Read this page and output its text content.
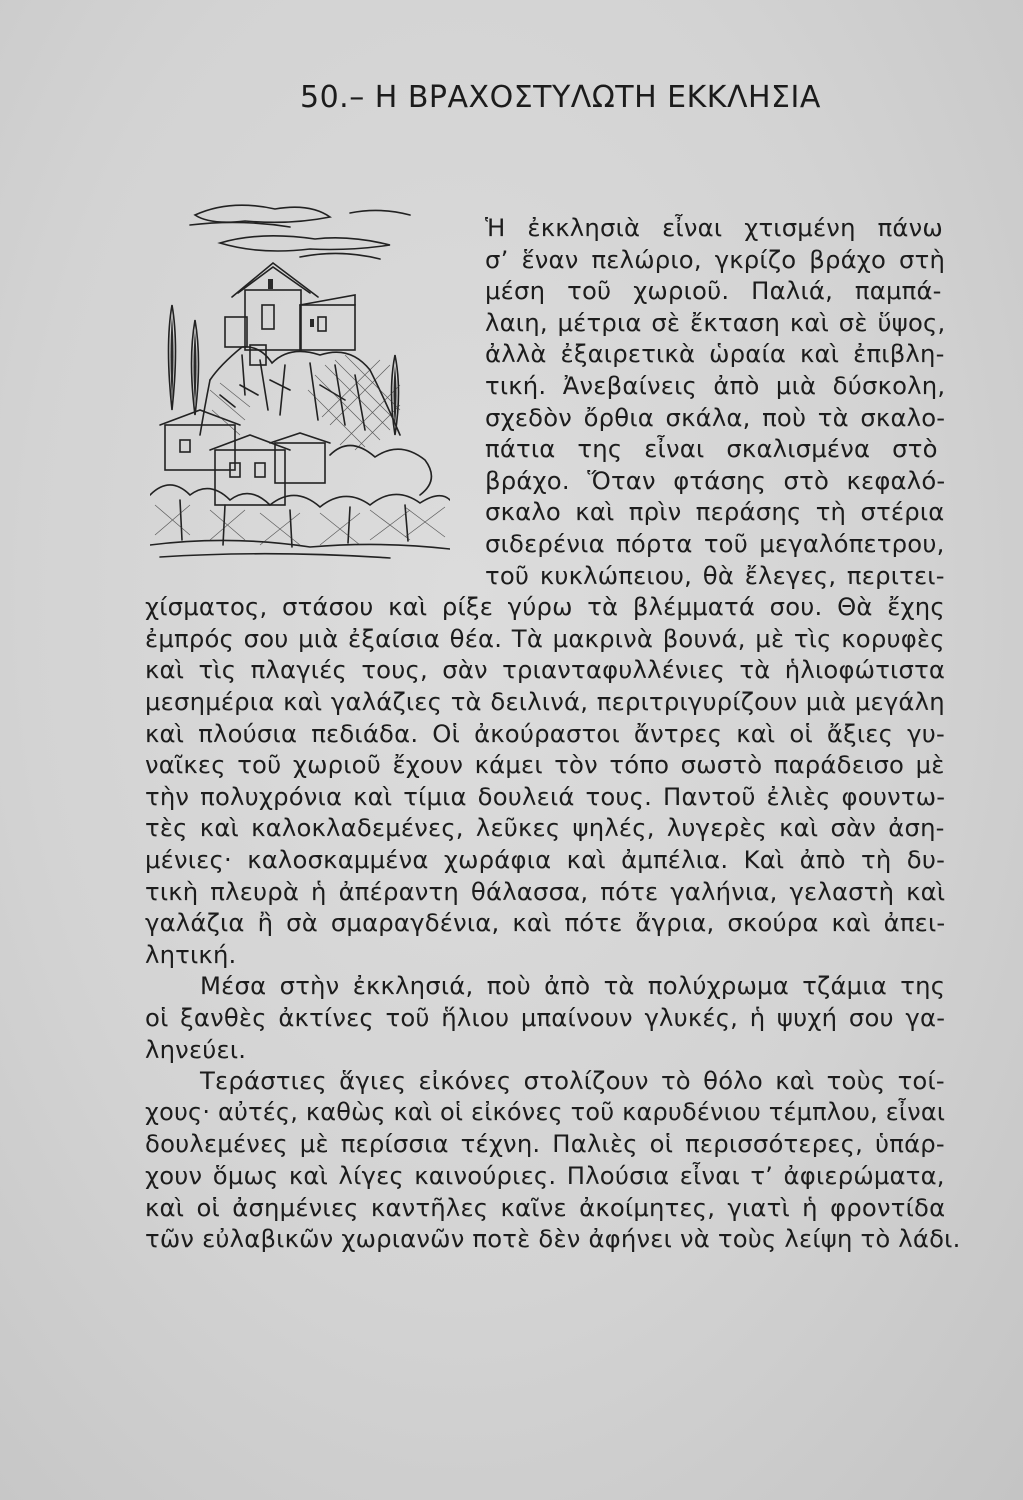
50.– Η ΒΡΑΧΟΣΤΥΛΩΤΗ ΕΚΚΛΗΣΙΑ
Ἡ ἐκκλησιὰ εἶναι χτισμένη πάνω
σ’ ἕναν πελώριο, γκρίζο βράχο στὴ
μέση τοῦ χωριοῦ. Παλιά, παμπά-
λαιη, μέτρια σὲ ἔκταση καὶ σὲ ὕψος,
ἀλλὰ ἐξαιρετικὰ ὡραία καὶ ἐπιβλη-
τική. Ἀνεβαίνεις ἀπὸ μιὰ δύσκολη,
σχεδὸν ὄρθια σκάλα, ποὺ τὰ σκαλο-
πάτια της εἶναι σκαλισμένα στὸ
βράχο. Ὅταν φτάσης στὸ κεφαλό-
σκαλο καὶ πρὶν περάσης τὴ στέρια
σιδερένια πόρτα τοῦ μεγαλόπετρου,
τοῦ κυκλώπειου, θὰ ἔλεγες, περιτει-
χίσματος, στάσου καὶ ρίξε γύρω τὰ βλέμματά σου. Θὰ ἔχης
ἐμπρός σου μιὰ ἐξαίσια θέα. Τὰ μακρινὰ βουνά, μὲ τὶς κορυφὲς
καὶ τὶς πλαγιές τους, σὰν τριανταφυλλένιες τὰ ἡλιοφώτιστα
μεσημέρια καὶ γαλάζιες τὰ δειλινά, περιτριγυρίζουν μιὰ μεγάλη
καὶ πλούσια πεδιάδα. Οἱ ἀκούραστοι ἄντρες καὶ οἱ ἄξιες γυ-
ναῖκες τοῦ χωριοῦ ἔχουν κάμει τὸν τόπο σωστὸ παράδεισο μὲ
τὴν πολυχρόνια καὶ τίμια δουλειά τους. Παντοῦ ἐλιὲς φουντω-
τὲς καὶ καλοκλαδεμένες, λεῦκες ψηλές, λυγερὲς καὶ σὰν ἀση-
μένιες· καλοσκαμμένα χωράφια καὶ ἀμπέλια. Καὶ ἀπὸ τὴ δυ-
τικὴ πλευρὰ ἡ ἀπέραντη θάλασσα, πότε γαλήνια, γελαστὴ καὶ
γαλάζια ἢ σὰ σμαραγδένια, καὶ πότε ἄγρια, σκούρα καὶ ἀπει-
λητική.
Μέσα στὴν ἐκκλησιά, ποὺ ἀπὸ τὰ πολύχρωμα τζάμια της
οἱ ξανθὲς ἀκτίνες τοῦ ἥλιου μπαίνουν γλυκές, ἡ ψυχή σου γα-
ληνεύει.
Τεράστιες ἅγιες εἰκόνες στολίζουν τὸ θόλο καὶ τοὺς τοί-
χους· αὐτές, καθὼς καὶ οἱ εἰκόνες τοῦ καρυδένιου τέμπλου, εἶναι
δουλεμένες μὲ περίσσια τέχνη. Παλιὲς οἱ περισσότερες, ὑπάρ-
χουν ὅμως καὶ λίγες καινούριες. Πλούσια εἶναι τ’ ἀφιερώματα,
καὶ οἱ ἀσημένιες καντῆλες καῖνε ἀκοίμητες, γιατὶ ἡ φροντίδα
τῶν εὐλαβικῶν χωριανῶν ποτὲ δὲν ἀφήνει νὰ τοὺς λείψη τὸ λάδι.
